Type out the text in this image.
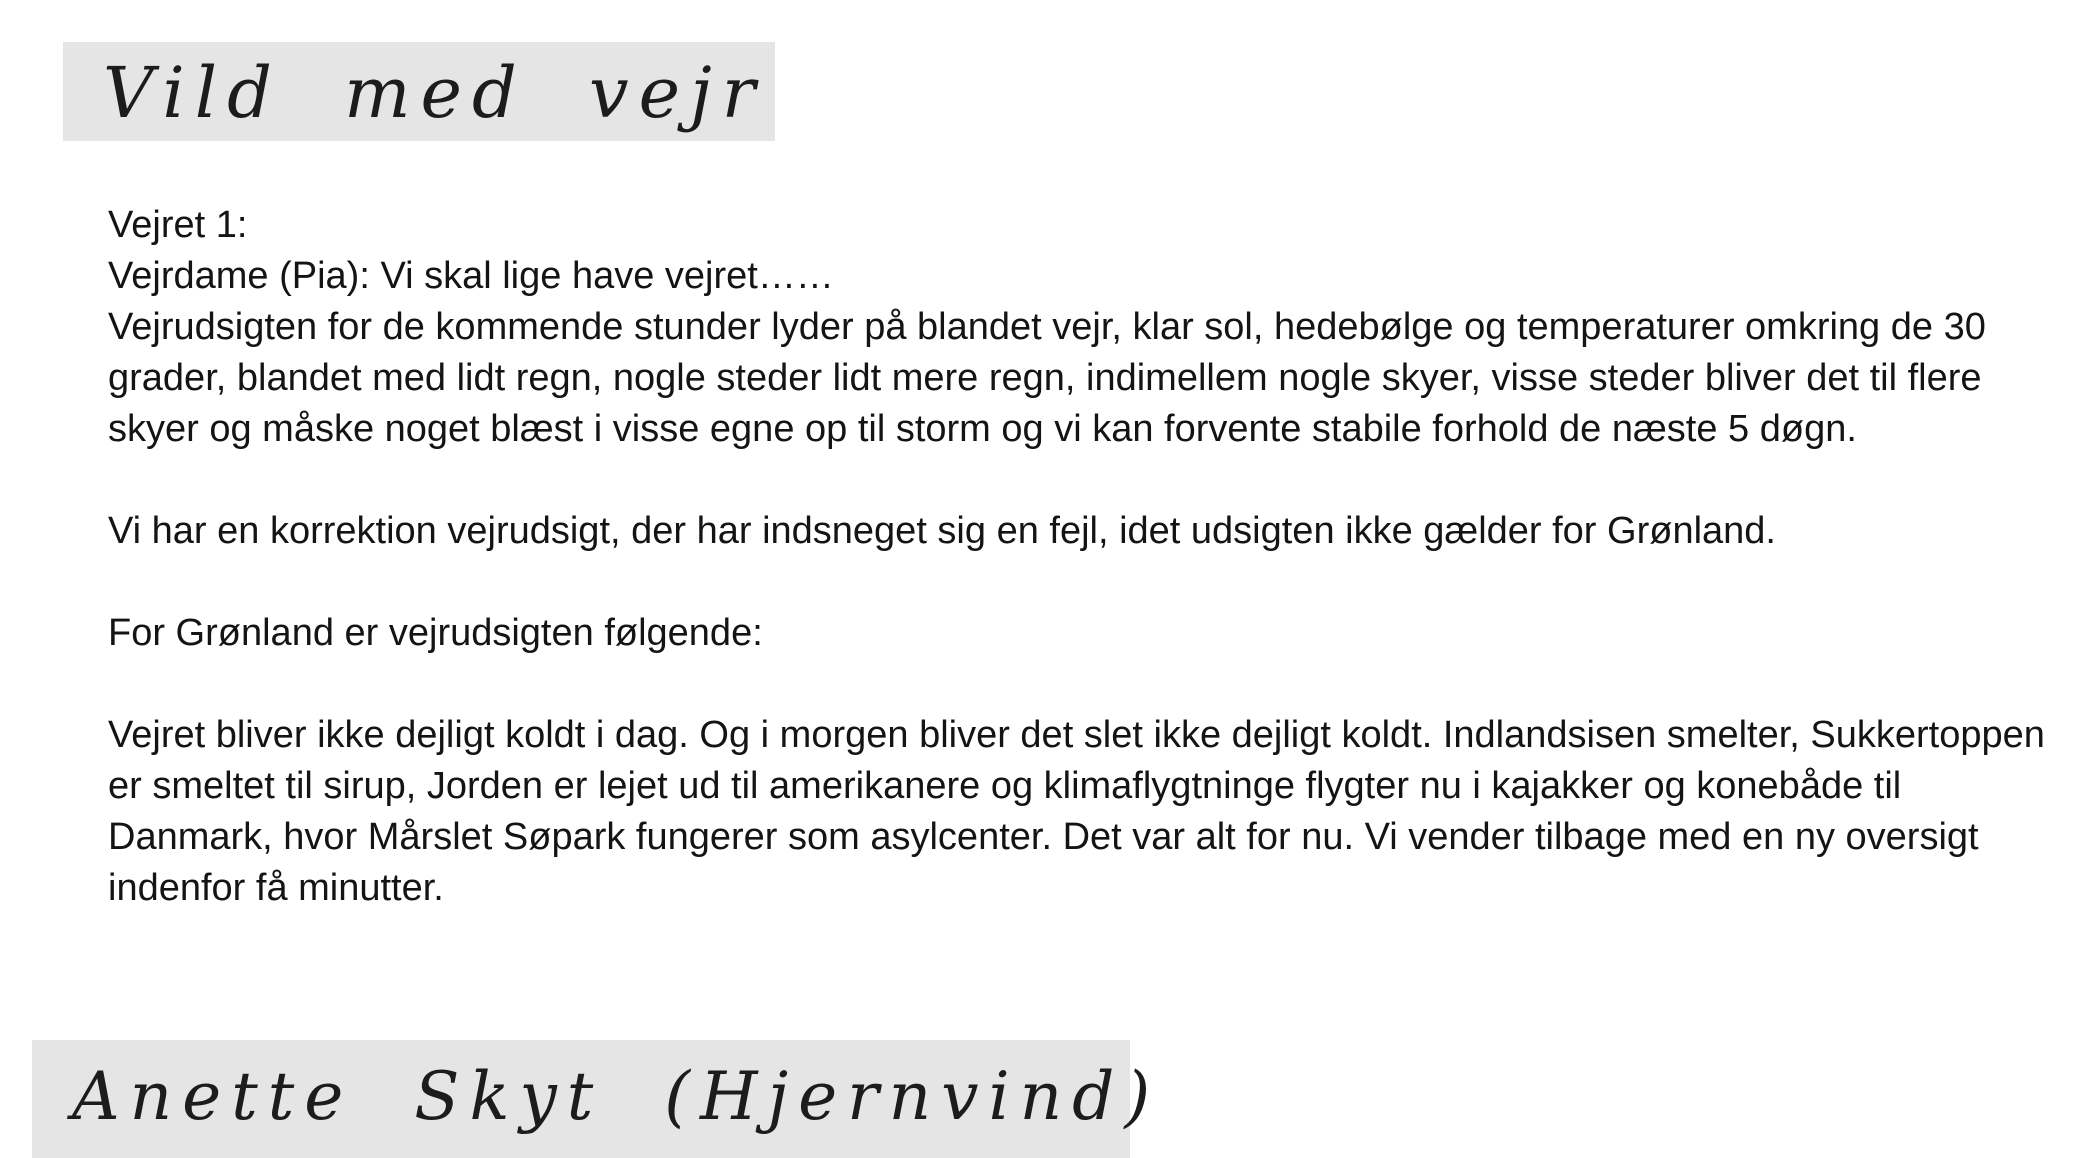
Vild med vejr

Vejret 1:

Vejrdame (Pia): Vi skal lige have vejret……

Vejrudsigten for de kommende stunder lyder på blandet vejr, klar sol, hedebølge og temperaturer omkring de 30 grader, blandet med lidt regn, nogle steder lidt mere regn, indimellem nogle skyer, visse steder bliver det til flere skyer og måske noget blæst i visse egne op til storm og vi kan forvente stabile forhold de næste 5 døgn.

Vi har en korrektion vejrudsigt, der har indsneget sig en fejl, idet udsigten ikke gælder for Grønland.

For Grønland er vejrudsigten følgende:

Vejret bliver ikke dejligt koldt i dag. Og i morgen bliver det slet ikke dejligt koldt. Indlandsisen smelter, Sukkertoppen er smeltet til sirup, Jorden er lejet ud til amerikanere og klimaflygtninge flygter nu i kajakker og konebåde til Danmark, hvor Mårslet Søpark fungerer som asylcenter. Det var alt for nu. Vi vender tilbage med en ny oversigt indenfor få minutter.

Anette Skyt (Hjernvind)
